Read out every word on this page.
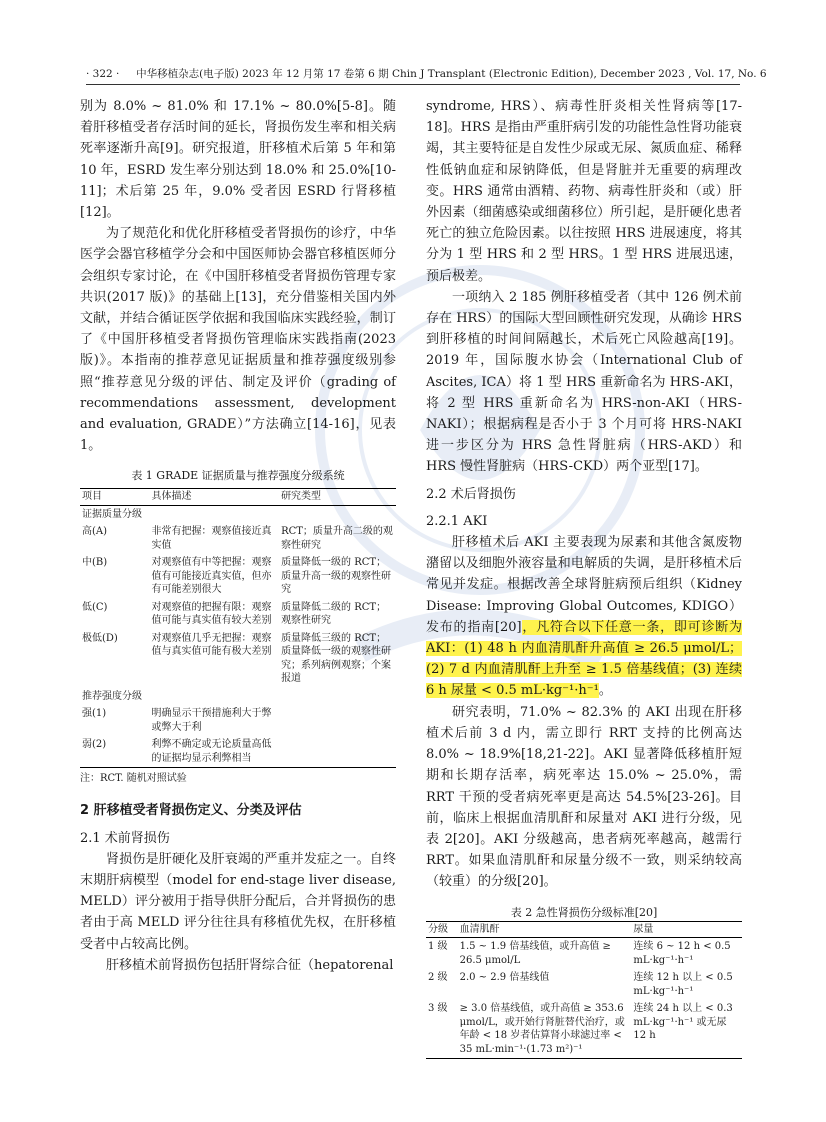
· 322 · 中华移植杂志(电子版) 2023 年 12 月第 17 卷第 6 期 Chin J Transplant (Electronic Edition), December 2023 , Vol. 17, No. 6

别为 8.0% ~ 81.0% 和 17.1% ~ 80.0%[5-8]。随着肝移植受者存活时间的延长，肾损伤发生率和相关病死率逐渐升高[9]。研究报道，肝移植术后第 5 年和第 10 年，ESRD 发生率分别达到 18.0% 和 25.0%[10-11]；术后第 25 年，9.0% 受者因 ESRD 行肾移植[12]。

为了规范化和优化肝移植受者肾损伤的诊疗，中华医学会器官移植学分会和中国医师协会器官移植医师分会组织专家讨论，在《中国肝移植受者肾损伤管理专家共识(2017 版)》的基础上[13]，充分借鉴相关国内外文献，并结合循证医学依据和我国临床实践经验，制订了《中国肝移植受者肾损伤管理临床实践指南(2023 版)》。本指南的推荐意见证据质量和推荐强度级别参照“推荐意见分级的评估、制定及评价（grading of recommendations assessment, development and evaluation, GRADE）”方法确立[14-16]，见表 1。

表 1 GRADE 证据质量与推荐强度分级系统
项目	具体描述	研究类型
证据质量分级		
高(A)	非常有把握：观察值接近真实值	RCT；质量升高二级的观察性研究
中(B)	对观察值有中等把握：观察值有可能接近真实值，但亦有可能差别很大	质量降低一级的 RCT；质量升高一级的观察性研究
低(C)	对观察值的把握有限：观察值可能与真实值有较大差别	质量降低二级的 RCT；观察性研究
极低(D)	对观察值几乎无把握：观察值与真实值可能有极大差别	质量降低三级的 RCT；质量降低一级的观察性研究；系列病例观察；个案报道
推荐强度分级		
强(1)	明确显示干预措施利大于弊或弊大于利	
弱(2)	利弊不确定或无论质量高低的证据均显示利弊相当	
注：RCT. 随机对照试验
2 肝移植受者肾损伤定义、分类及评估
2.1 术前肾损伤

肾损伤是肝硬化及肝衰竭的严重并发症之一。自终末期肝病模型（model for end-stage liver disease, MELD）评分被用于指导供肝分配后，合并肾损伤的患者由于高 MELD 评分往往具有移植优先权，在肝移植受者中占较高比例。

肝移植术前肾损伤包括肝肾综合征（hepatorenal

syndrome, HRS）、病毒性肝炎相关性肾病等[17-18]。HRS 是指由严重肝病引发的功能性急性肾功能衰竭，其主要特征是自发性少尿或无尿、氮质血症、稀释性低钠血症和尿钠降低，但是肾脏并无重要的病理改变。HRS 通常由酒精、药物、病毒性肝炎和（或）肝外因素（细菌感染或细菌移位）所引起，是肝硬化患者死亡的独立危险因素。以往按照 HRS 进展速度，将其分为 1 型 HRS 和 2 型 HRS。1 型 HRS 进展迅速，预后极差。

一项纳入 2 185 例肝移植受者（其中 126 例术前存在 HRS）的国际大型回顾性研究发现，从确诊 HRS 到肝移植的时间间隔越长，术后死亡风险越高[19]。2019 年，国际腹水协会（International Club of Ascites, ICA）将 1 型 HRS 重新命名为 HRS-AKI，将 2 型 HRS 重新命名为 HRS-non-AKI（HRS-NAKI）；根据病程是否小于 3 个月可将 HRS-NAKI 进一步区分为 HRS 急性肾脏病（HRS-AKD）和 HRS 慢性肾脏病（HRS-CKD）两个亚型[17]。

2.2 术后肾损伤
2.2.1 AKI

肝移植术后 AKI 主要表现为尿素和其他含氮废物潴留以及细胞外液容量和电解质的失调，是肝移植术后常见并发症。根据改善全球肾脏病预后组织（Kidney Disease: Improving Global Outcomes, KDIGO）发布的指南[20]，凡符合以下任意一条，即可诊断为 AKI：(1) 48 h 内血清肌酐升高值 ≥ 26.5 μmol/L；(2) 7 d 内血清肌酐上升至 ≥ 1.5 倍基线值；(3) 连续 6 h 尿量 < 0.5 mL·kg⁻¹·h⁻¹。

研究表明，71.0% ~ 82.3% 的 AKI 出现在肝移植术后前 3 d 内，需立即行 RRT 支持的比例高达 8.0% ~ 18.9%[18,21-22]。AKI 显著降低移植肝短期和长期存活率，病死率达 15.0% ~ 25.0%，需 RRT 干预的受者病死率更是高达 54.5%[23-26]。目前，临床上根据血清肌酐和尿量对 AKI 进行分级，见表 2[20]。AKI 分级越高，患者病死率越高，越需行 RRT。如果血清肌酐和尿量分级不一致，则采纳较高（较重）的分级[20]。

表 2 急性肾损伤分级标准[20]
分级	血清肌酐	尿量
1 级	1.5 ~ 1.9 倍基线值，或升高值 ≥ 26.5 μmol/L	连续 6 ~ 12 h < 0.5 mL·kg⁻¹·h⁻¹
2 级	2.0 ~ 2.9 倍基线值	连续 12 h 以上 < 0.5 mL·kg⁻¹·h⁻¹
3 级	≥ 3.0 倍基线值，或升高值 ≥ 353.6 μmol/L，或开始行肾脏替代治疗，或年龄 < 18 岁者估算肾小球滤过率 < 35 mL·min⁻¹·(1.73 m²)⁻¹	连续 24 h 以上 < 0.3 mL·kg⁻¹·h⁻¹ 或无尿 12 h
